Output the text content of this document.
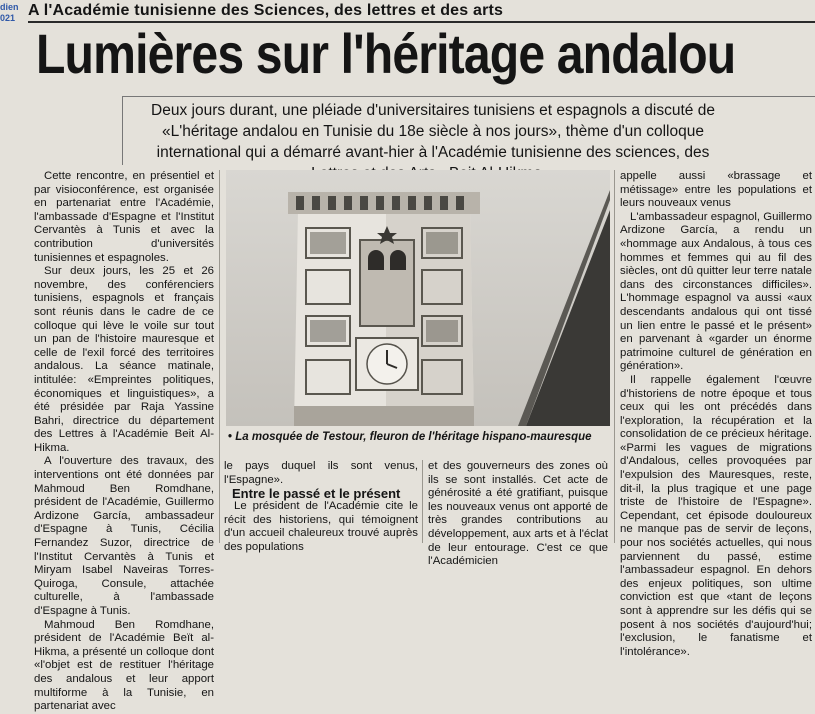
dien
021 A l'Académie tunisienne des Sciences, des lettres et des arts
Lumières sur l'héritage andalou
Deux jours durant, une pléiade d'universitaires tunisiens et espagnols a discuté de «L'héritage andalou en Tunisie du 18e siècle à nos jours», thème d'un colloque international qui a démarré avant-hier à l'Académie tunisienne des sciences, des

Cette rencontre, en présentiel et par visioconférence, est organisée en partenariat entre l'Académie, l'ambassade d'Espagne et l'Institut Cervantès à Tunis et avec la contribution d'universités tunisiennes et espagnoles.

Sur deux jours, les 25 et 26 novembre, des conférenciers tunisiens, espagnols et français sont réunis dans le cadre de ce colloque qui lève le voile sur tout un pan de l'histoire mauresque et celle de l'exil forcé des territoires andalous. La séance matinale, intitulée: «Empreintes politiques, économiques et linguistiques», a été présidée par Raja Yassine Bahri, directrice du département des Lettres à l'Académie Beit Al-Hikma.

A l'ouverture des travaux, des interventions ont été données par Mahmoud Ben Romdhane, président de l'Académie, Guillermo Ardizone García, ambassadeur d'Espagne à Tunis, Cécilia Fernandez Suzor, directrice de l'Institut Cervantès à Tunis et Miryam Isabel Naveiras Torres-Quiroga, Consule, attachée culturelle, à l'ambassade d'Espagne à Tunis.

Mahmoud Ben Romdhane, président de l'Académie Beït al-Hikma, a présenté un colloque dont «l'objet est de restituer l'héritage des andalous et leur apport multiforme à la Tunisie, en partenariat avec

• La mosquée de Testour, fleuron de l'héritage hispano-mauresque

le pays duquel ils sont venus, l'Espagne».

Entre le passé et le présent

Le président de l'Académie cite le récit des historiens, qui témoignent d'un accueil chaleureux trouvé auprès des populations

et des gouverneurs des zones où ils se sont installés. Cet acte de générosité a été gratifiant, puisque les nouveaux venus ont apporté de très grandes contributions au développement, aux arts et à l'éclat de leur entourage. C'est ce que l'Académicien

appelle aussi «brassage et métissage» entre les populations et leurs nouveaux venus

L'ambassadeur espagnol, Guillermo Ardizone García, a rendu un «hommage aux Andalous, à tous ces hommes et femmes qui au fil des siècles, ont dû quitter leur terre natale dans des circonstances difficiles». L'hommage espagnol va aussi «aux descendants andalous qui ont tissé un lien entre le passé et le présent» en parvenant à «garder un énorme patrimoine culturel de génération en génération».

Il rappelle également l'œuvre d'historiens de notre époque et tous ceux qui les ont précédés dans l'exploration, la récupération et la consolidation de ce précieux héritage. «Parmi les vagues de migrations d'Andalous, celles provoquées par l'expulsion des Mauresques, reste, dit-il, la plus tragique et une page triste de l'histoire de l'Espagne». Cependant, cet épisode douloureux ne manque pas de servir de leçons, pour nos sociétés actuelles, qui nous parviennent du passé, estime l'ambassadeur espagnol. En dehors des enjeux politiques, son ultime conviction est que «tant de leçons sont à apprendre sur les défis qui se posent à nos sociétés d'aujourd'hui; l'exclusion, le fanatisme et l'intolérance».
